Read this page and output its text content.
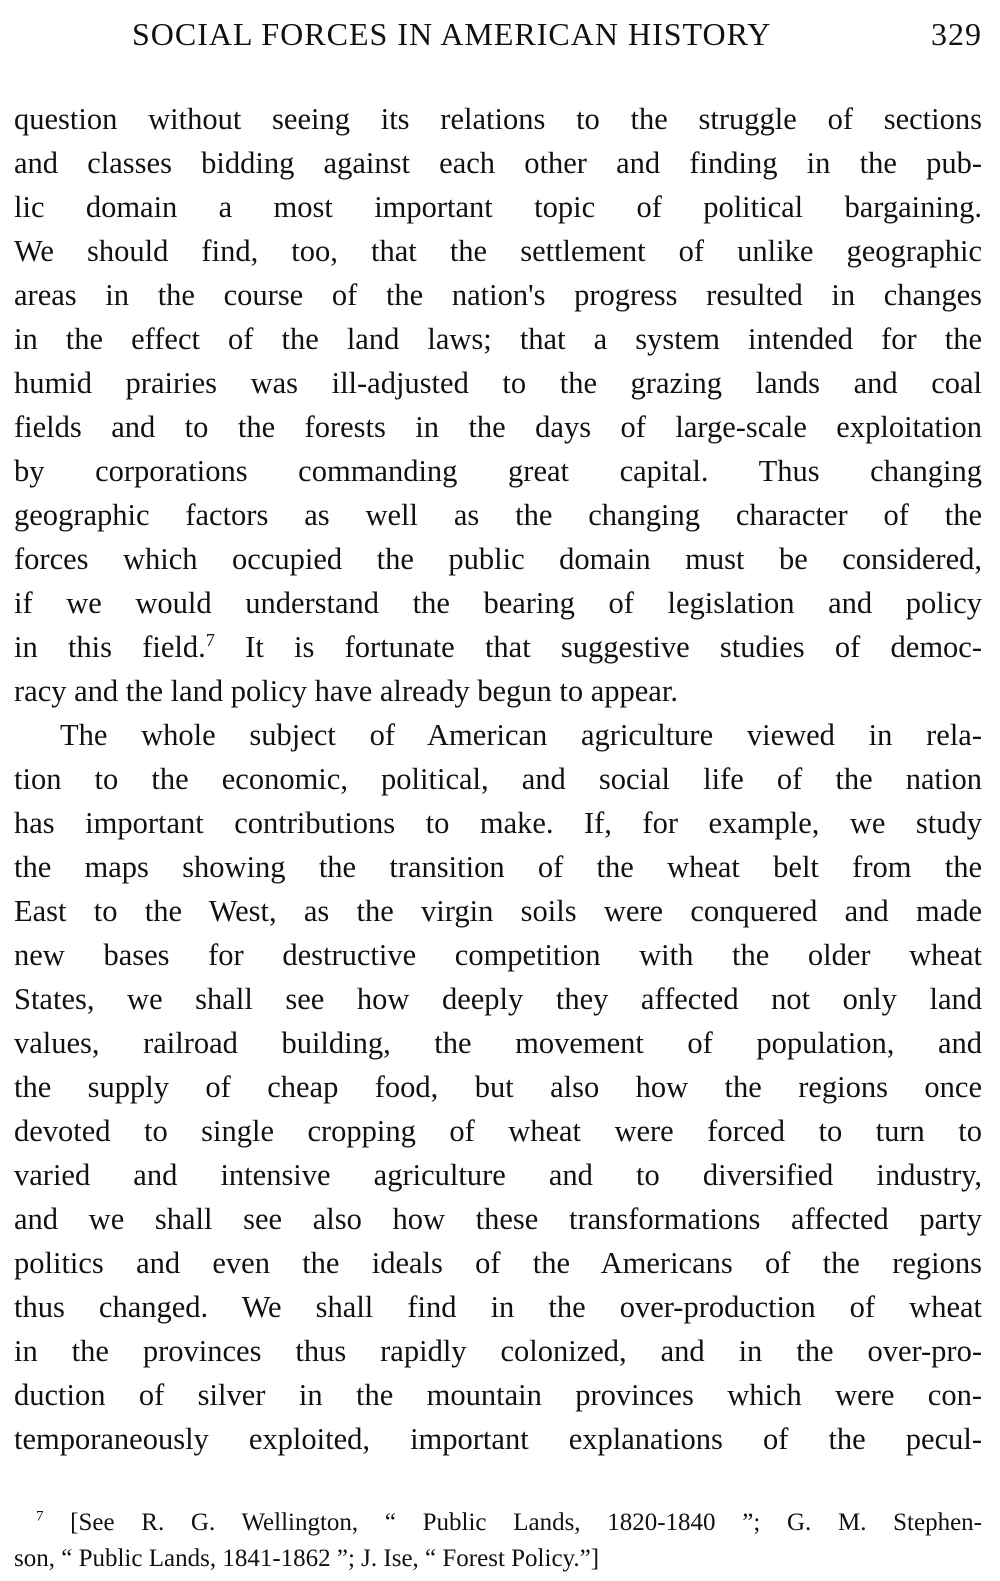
SOCIAL FORCES IN AMERICAN HISTORY	329
question without seeing its relations to the struggle of sections
and classes bidding against each other and finding in the pub-
lic domain a most important topic of political bargaining.
We should find, too, that the settlement of unlike geographic
areas in the course of the nation's progress resulted in changes
in the effect of the land laws; that a system intended for the
humid prairies was ill-adjusted to the grazing lands and coal
fields and to the forests in the days of large-scale exploitation
by corporations commanding great capital. Thus changing
geographic factors as well as the changing character of the
forces which occupied the public domain must be considered,
if we would understand the bearing of legislation and policy
in this field.$^7$ It is fortunate that suggestive studies of democ-
racy and the land policy have already begun to appear.
The whole subject of American agriculture viewed in rela-
tion to the economic, political, and social life of the nation
has important contributions to make. If, for example, we study
the maps showing the transition of the wheat belt from the
East to the West, as the virgin soils were conquered and made
new bases for destructive competition with the older wheat
States, we shall see how deeply they affected not only land
values, railroad building, the movement of population, and
the supply of cheap food, but also how the regions once
devoted to single cropping of wheat were forced to turn to
varied and intensive agriculture and to diversified industry,
and we shall see also how these transformations affected party
politics and even the ideals of the Americans of the regions
thus changed. We shall find in the over-production of wheat
in the provinces thus rapidly colonized, and in the over-pro-
duction of silver in the mountain provinces which were con-
temporaneously exploited, important explanations of the pecul-
$^7$ [See R. G. Wellington, “ Public Lands, 1820-1840 ”; G. M. Stephen-
son, “ Public Lands, 1841-1862 ”; J. Ise, “ Forest Policy.”]
